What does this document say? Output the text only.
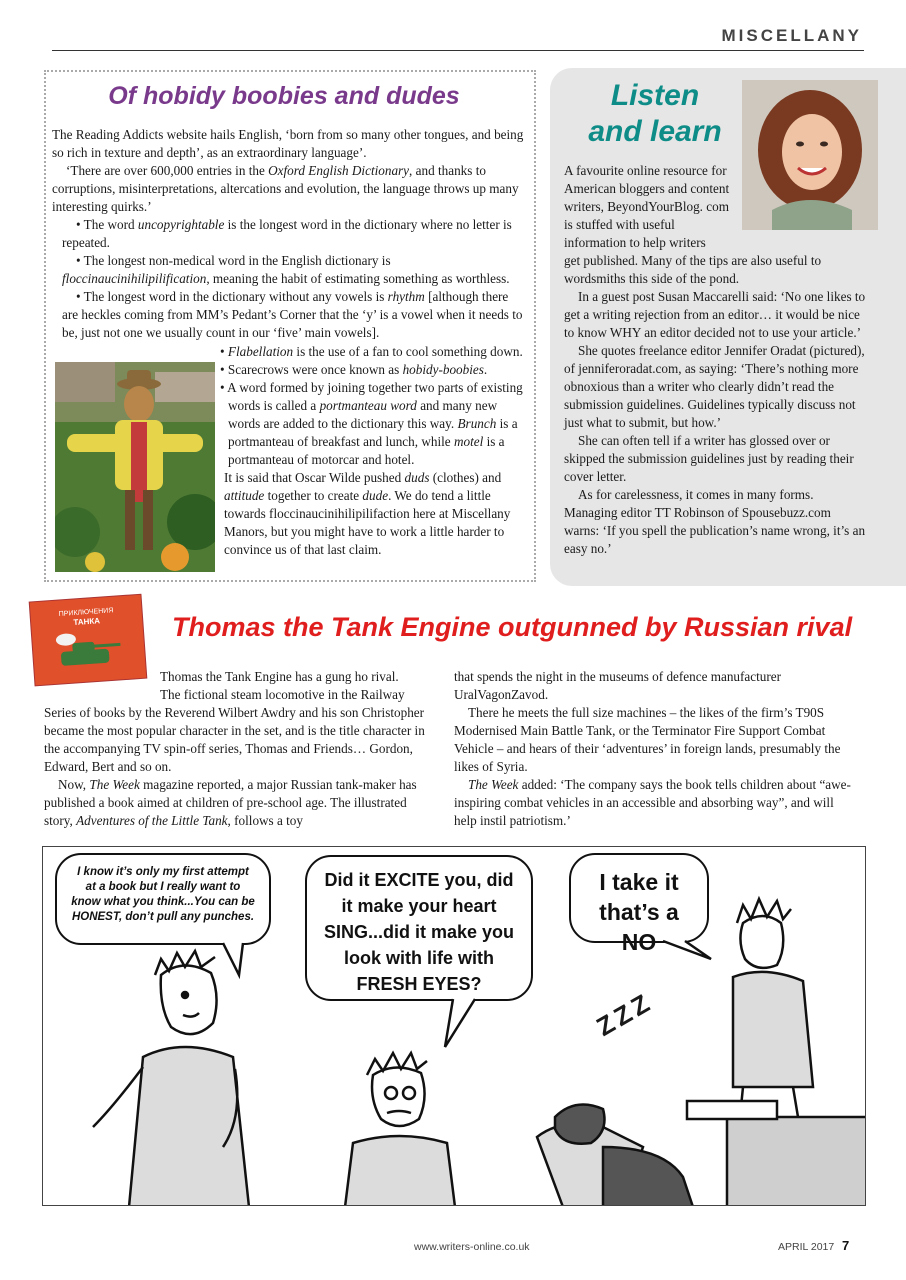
MISCELLANY
Of hobidy boobies and dudes

The Reading Addicts website hails English, ‘born from so many other tongues, and being so rich in texture and depth’, as an extraordinary language’.

‘There are over 600,000 entries in the Oxford English Dictionary, and thanks to corruptions, misinterpretations, altercations and evolution, the language throws up many interesting quirks.’

• The word uncopyrightable is the longest word in the dictionary where no letter is repeated.

• The longest non-medical word in the English dictionary is floccinaucinihilipilification, meaning the habit of estimating something as worthless.

• The longest word in the dictionary without any vowels is rhythm [although there are heckles coming from MM’s Pedant’s Corner that the ‘y’ is a vowel when it needs to be, just not one we usually count in our ‘five’ main vowels].

• Flabellation is the use of a fan to cool something down.

• Scarecrows were once known as hobidy-boobies.

• A word formed by joining together two parts of existing words is called a portmanteau word and many new words are added to the dictionary this way. Brunch is a portmanteau of breakfast and lunch, while motel is a portmanteau of motorcar and hotel.

It is said that Oscar Wilde pushed duds (clothes) and attitude together to create dude. We do tend a little towards floccinaucinihilipilifaction here at Miscellany Manors, but you might have to work a little harder to convince us of that last claim.

Listen
and learn

A favourite online resource for American bloggers and content writers, BeyondYourBlog. com is stuffed with useful information to help writers

get published. Many of the tips are also useful to wordsmiths this side of the pond.

In a guest post Susan Maccarelli said: ‘No one likes to get a writing rejection from an editor… it would be nice to know WHY an editor decided not to use your article.’

She quotes freelance editor Jennifer Oradat (pictured), of jenniferoradat.com, as saying: ‘There’s nothing more obnoxious than a writer who clearly didn’t read the submission guidelines. Guidelines typically discuss not just what to submit, but how.’

She can often tell if a writer has glossed over or skipped the submission guidelines just by reading their cover letter.

As for carelessness, it comes in many forms. Managing editor TT Robinson of Spousebuzz.com warns: ‘If you spell the publication’s name wrong, it’s an easy no.’

ПРИКЛЮЧЕНИЯ
ТАНКА	Thomas the Tank Engine outgunned by Russian rival

Thomas the Tank Engine has a gung ho rival.
The fictional steam locomotive in the Railway
Series of books by the Reverend Wilbert Awdry and his son Christopher became the most popular character in the set, and is the title character in the accompanying TV spin-off series, Thomas and Friends… Gordon, Edward, Bert and so on.

Now, The Week magazine reported, a major Russian tank-maker has published a book aimed at children of pre-school age. The illustrated story, Adventures of the Little Tank, follows a toy

that spends the night in the museums of defence manufacturer UralVagonZavod.

There he meets the full size machines – the likes of the firm’s T90S Modernised Main Battle Tank, or the Terminator Fire Support Combat Vehicle – and hears of their ‘adventures’ in foreign lands, presumably the likes of Syria.

The Week added: ‘The company says the book tells children about “awe-inspiring combat vehicles in an accessible and absorbing way”, and will help instil patriotism.’

I know it’s only my first attempt at a book but I really want to know what you think...You can be HONEST, don’t pull any punches.
Did it EXCITE you, did it make your heart SING...did it make you look with life with FRESH EYES?
I take it that’s a NO
ZZZ
www.writers-online.co.uk	APRIL 2017 7
